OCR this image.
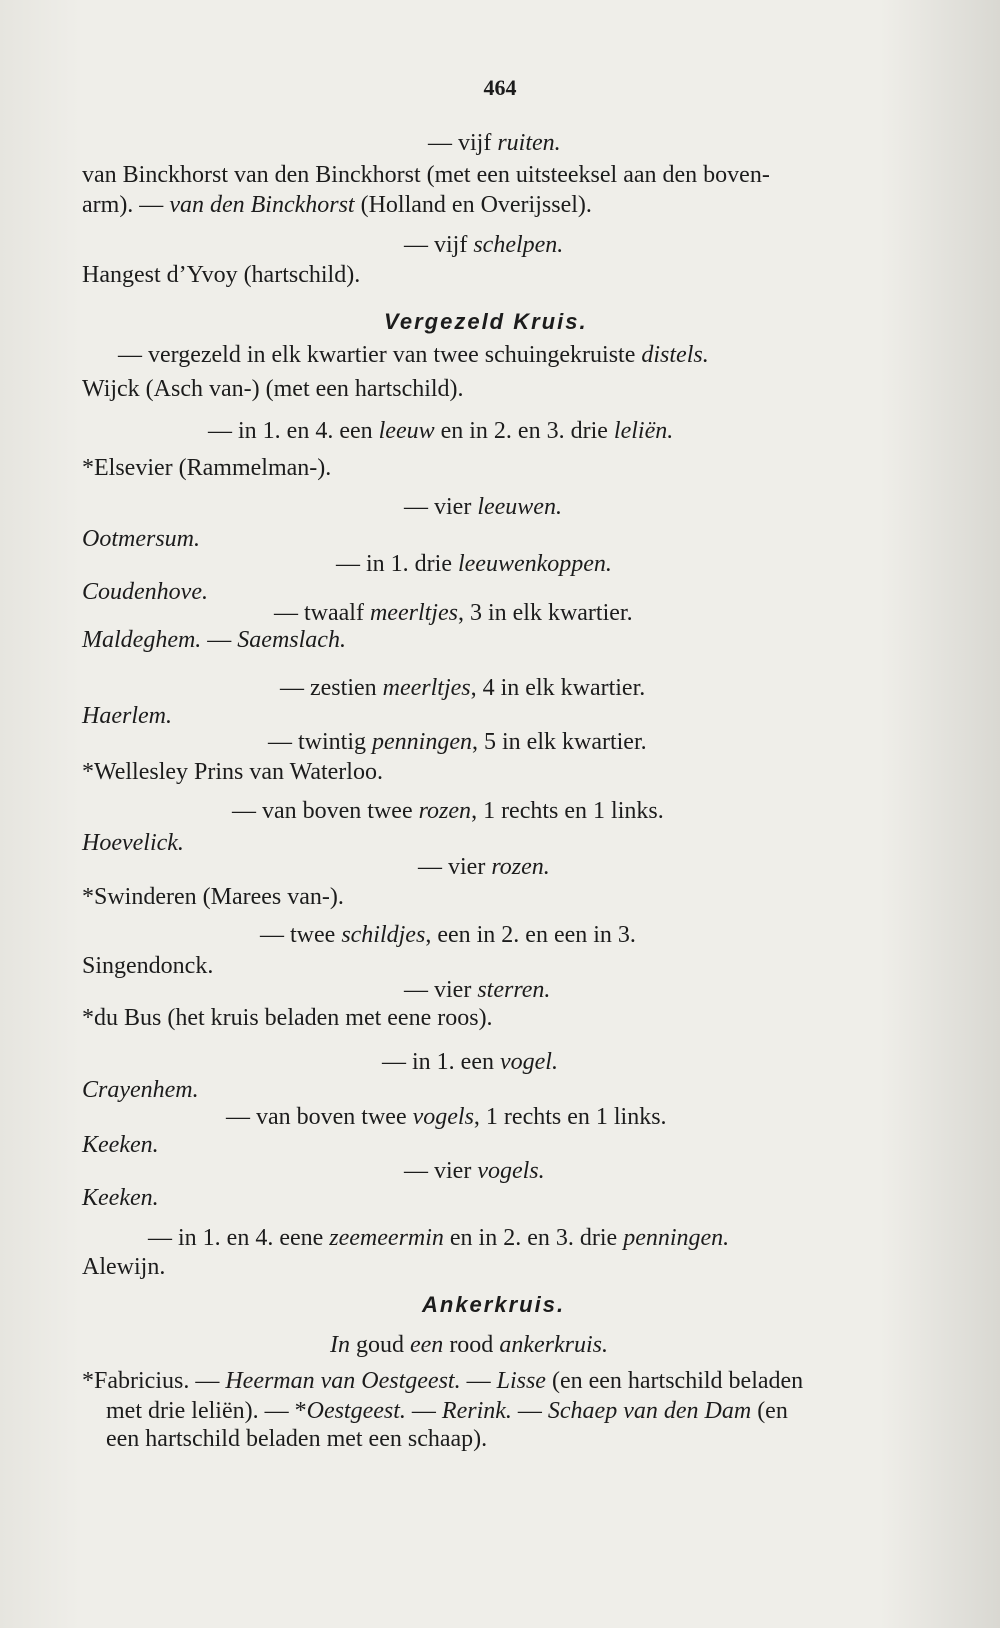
464
— vijf ruiten.
van Binckhorst van den Binckhorst (met een uitsteeksel aan den boven-
arm). — van den Binckhorst (Holland en Overijssel).
— vijf schelpen.
Hangest d’Yvoy (hartschild).
Vergezeld Kruis.
— vergezeld in elk kwartier van twee schuingekruiste distels.
Wijck (Asch van-) (met een hartschild).
— in 1. en 4. een leeuw en in 2. en 3. drie leliën.
*Elsevier (Rammelman-).
— vier leeuwen.
Ootmersum.
— in 1. drie leeuwenkoppen.
Coudenhove.
— twaalf meerltjes, 3 in elk kwartier.
Maldeghem. — Saemslach.
— zestien meerltjes, 4 in elk kwartier.
Haerlem.
— twintig penningen, 5 in elk kwartier.
*Wellesley Prins van Waterloo.
— van boven twee rozen, 1 rechts en 1 links.
Hoevelick.
— vier rozen.
*Swinderen (Marees van-).
— twee schildjes, een in 2. en een in 3.
Singendonck.
— vier sterren.
*du Bus (het kruis beladen met eene roos).
— in 1. een vogel.
Crayenhem.
— van boven twee vogels, 1 rechts en 1 links.
Keeken.
— vier vogels.
Keeken.
— in 1. en 4. eene zeemeermin en in 2. en 3. drie penningen.
Alewijn.
Ankerkruis.
In goud een rood ankerkruis.
*Fabricius. — Heerman van Oestgeest. — Lisse (en een hartschild beladen
met drie leliën). — *Oestgeest. — Rerink. — Schaep van den Dam (en
een hartschild beladen met een schaap).
